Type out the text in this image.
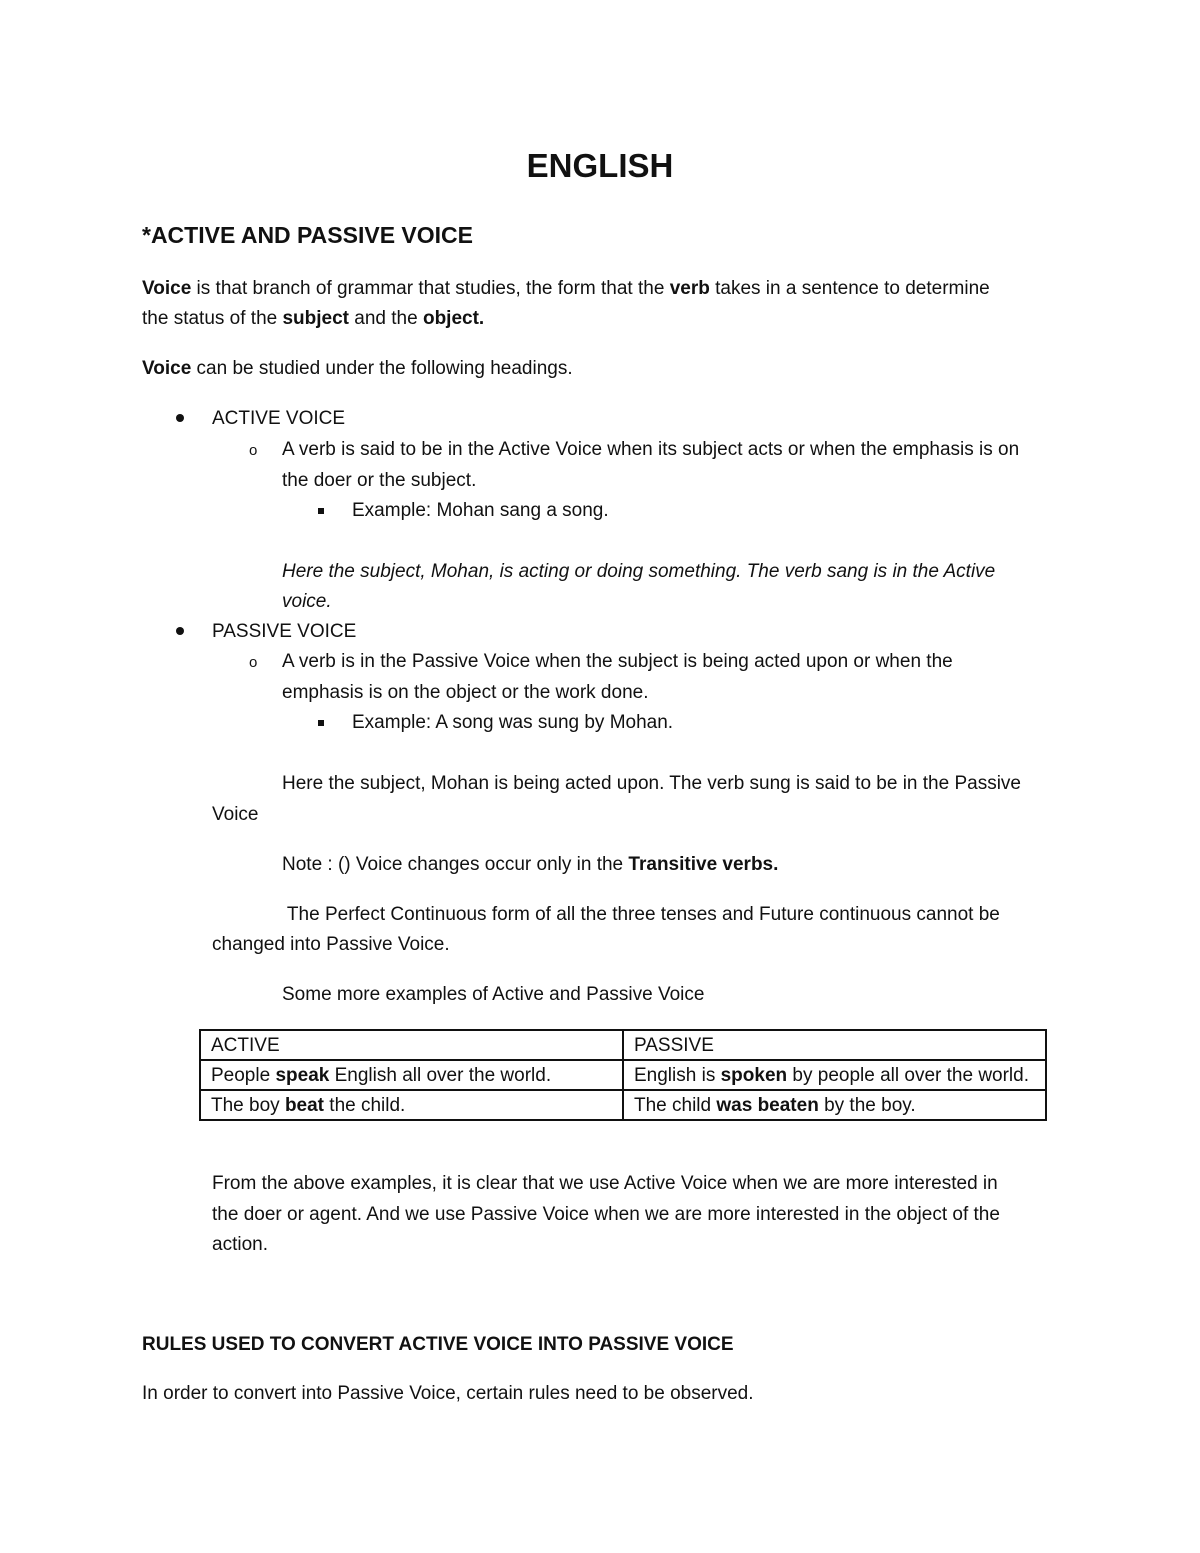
ENGLISH
*ACTIVE AND PASSIVE VOICE
Voice is that branch of grammar that studies, the form that the verb takes in a sentence to determine
the status of the subject and the object.
Voice can be studied under the following headings.
ACTIVE VOICE
o A verb is said to be in the Active Voice when its subject acts or when the emphasis is on
the doer or the subject.
Example: Mohan sang a song.
Here the subject, Mohan, is acting or doing something. The verb sang is in the Active
voice.
PASSIVE VOICE
o A verb is in the Passive Voice when the subject is being acted upon or when the
emphasis is on the object or the work done.
Example: A song was sung by Mohan.
Here the subject, Mohan is being acted upon. The verb sung is said to be in the Passive
Voice
Note : () Voice changes occur only in the Transitive verbs.
The Perfect Continuous form of all the three tenses and Future continuous cannot be
changed into Passive Voice.
Some more examples of Active and Passive Voice
ACTIVE	PASSIVE
People speak English all over the world.	English is spoken by people all over the world.
The boy beat the child.	The child was beaten by the boy.
From the above examples, it is clear that we use Active Voice when we are more interested in
the doer or agent. And we use Passive Voice when we are more interested in the object of the
action.
RULES USED TO CONVERT ACTIVE VOICE INTO PASSIVE VOICE
In order to convert into Passive Voice, certain rules need to be observed.
